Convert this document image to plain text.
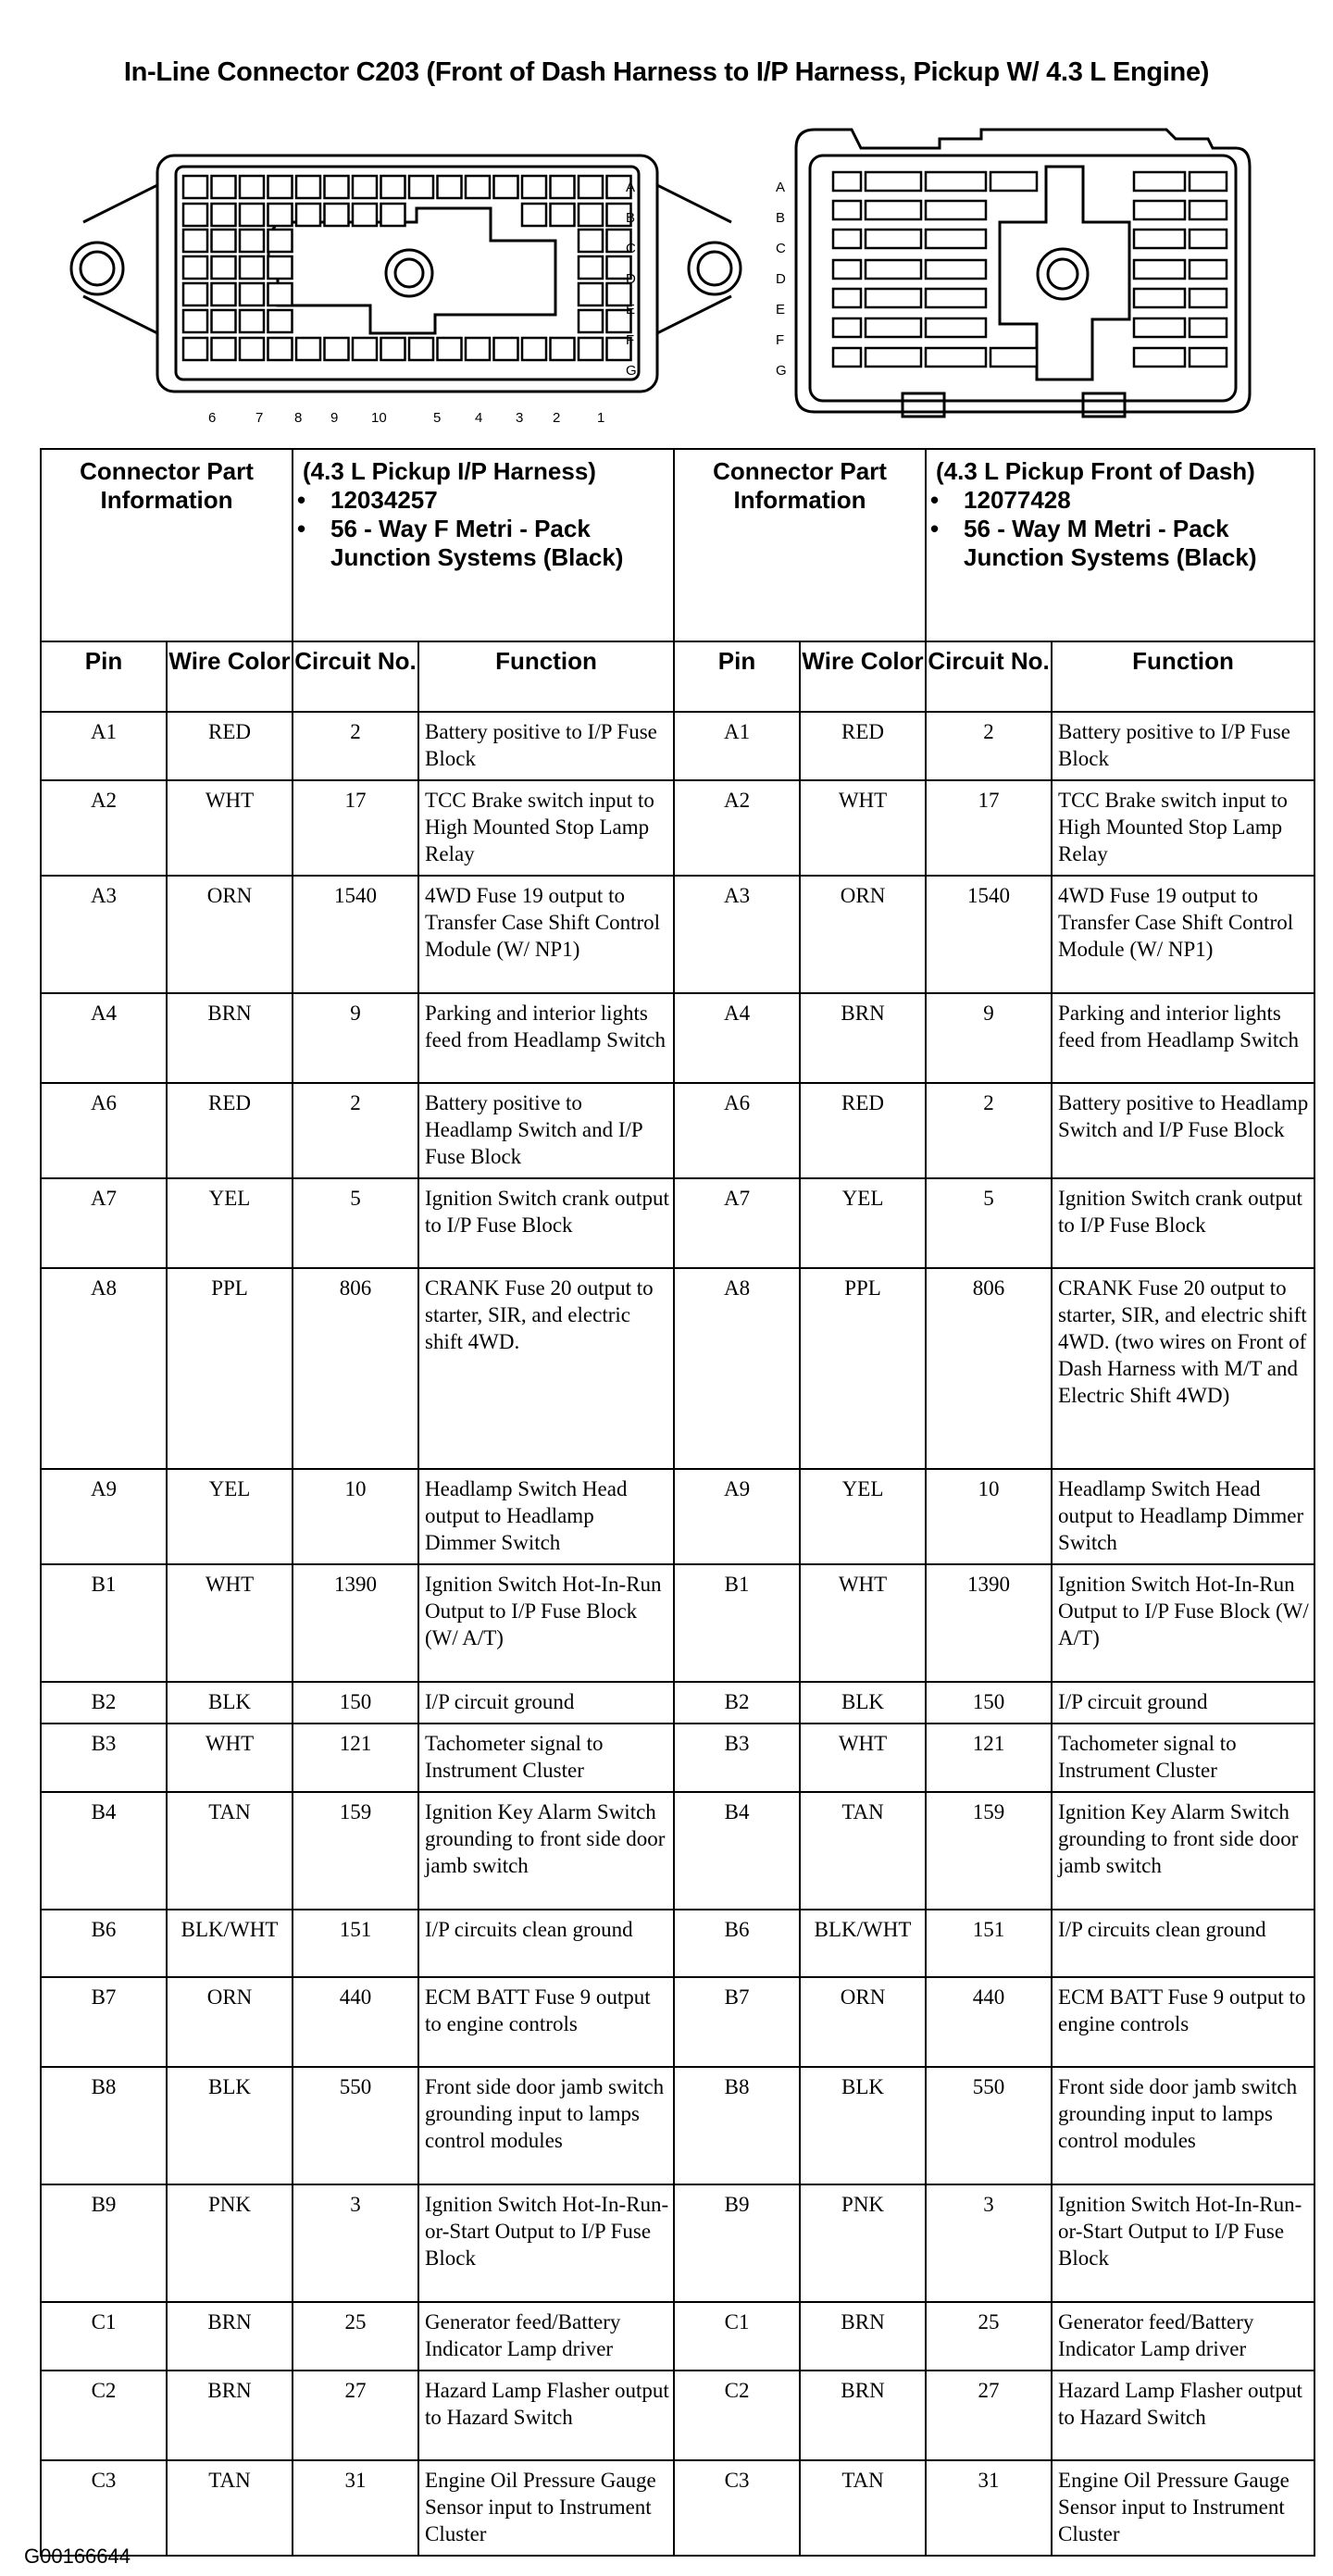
In-Line Connector C203 (Front of Dash Harness to I/P Harness, Pickup W/ 4.3 L Engine)
A
B
C
D
E
F
G
6	7 8 9 10	5 4 3 2	1
A
B
C
D
E
F
G
Connector Part Information		(4.3 L Pickup I/P Harness)
• 12034257
• 56 - Way F Metri - Pack Junction Systems (Black)		Connector Part Information		(4.3 L Pickup Front of Dash)
• 12077428
• 56 - Way M Metri - Pack Junction Systems (Black)

Pin	Wire Color	Circuit No.	Function	Pin	Wire Color	Circuit No.	Function
A1	RED	2	Battery positive to I/P Fuse Block	A1	RED	2	Battery positive to I/P Fuse Block
A2	WHT	17	TCC Brake switch input to High Mounted Stop Lamp Relay	A2	WHT	17	TCC Brake switch input to High Mounted Stop Lamp Relay
A3	ORN	1540	4WD Fuse 19 output to Transfer Case Shift Control Module (W/ NP1)	A3	ORN	1540	4WD Fuse 19 output to Transfer Case Shift Control Module (W/ NP1)
A4	BRN	9	Parking and interior lights feed from Headlamp Switch	A4	BRN	9	Parking and interior lights feed from Headlamp Switch
A6	RED	2	Battery positive to Headlamp Switch and I/P Fuse Block	A6	RED	2	Battery positive to Headlamp Switch and I/P Fuse Block
A7	YEL	5	Ignition Switch crank output to I/P Fuse Block	A7	YEL	5	Ignition Switch crank output to I/P Fuse Block
A8	PPL	806	CRANK Fuse 20 output to starter, SIR, and electric shift 4WD.	A8	PPL	806	CRANK Fuse 20 output to starter, SIR, and electric shift 4WD. (two wires on Front of Dash Harness with M/T and Electric Shift 4WD)
A9	YEL	10	Headlamp Switch Head output to Headlamp Dimmer Switch	A9	YEL	10	Headlamp Switch Head output to Headlamp Dimmer Switch
B1	WHT	1390	Ignition Switch Hot-In-Run Output to I/P Fuse Block (W/ A/T)	B1	WHT	1390	Ignition Switch Hot-In-Run Output to I/P Fuse Block (W/ A/T)
B2	BLK	150	I/P circuit ground	B2	BLK	150	I/P circuit ground
B3	WHT	121	Tachometer signal to Instrument Cluster	B3	WHT	121	Tachometer signal to Instrument Cluster
B4	TAN	159	Ignition Key Alarm Switch grounding to front side door jamb switch	B4	TAN	159	Ignition Key Alarm Switch grounding to front side door jamb switch
B6	BLK/WHT	151	I/P circuits clean ground	B6	BLK/WHT	151	I/P circuits clean ground
B7	ORN	440	ECM BATT Fuse 9 output to engine controls	B7	ORN	440	ECM BATT Fuse 9 output to engine controls
B8	BLK	550	Front side door jamb switch grounding input to lamps control modules	B8	BLK	550	Front side door jamb switch grounding input to lamps control modules
B9	PNK	3	Ignition Switch Hot-In-Run-or-Start Output to I/P Fuse Block	B9	PNK	3	Ignition Switch Hot-In-Run-or-Start Output to I/P Fuse Block
C1	BRN	25	Generator feed/Battery Indicator Lamp driver	C1	BRN	25	Generator feed/Battery Indicator Lamp driver
C2	BRN	27	Hazard Lamp Flasher output to Hazard Switch	C2	BRN	27	Hazard Lamp Flasher output to Hazard Switch
C3	TAN	31	Engine Oil Pressure Gauge Sensor input to Instrument Cluster	C3	TAN	31	Engine Oil Pressure Gauge Sensor input to Instrument Cluster
G00166644
